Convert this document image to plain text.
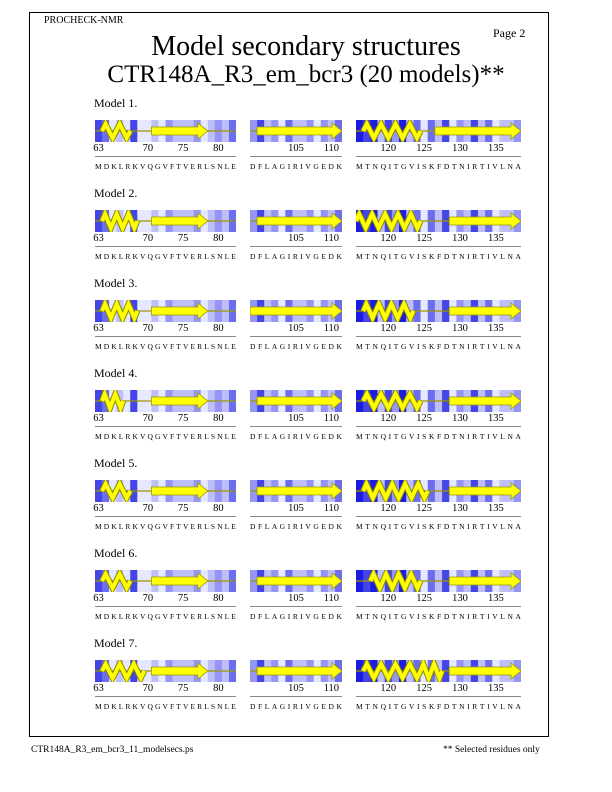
PROCHECK-NMR
Page 2
Model secondary structures
CTR148A_R3_em_bcr3 (20 models)**
Model 1.
63	70 75 80	105 110	120 125 130 135
M D K L R K V Q G V F T V E R L S N L E D F L A G I R I V G E D K M T N Q I T G V I S K F D T N I R T I V L N A
Model 2.
63	70 75 80	105 110	120 125 130 135
M D K L R K V Q G V F T V E R L S N L E D F L A G I R I V G E D K M T N Q I T G V I S K F D T N I R T I V L N A
Model 3.
63	70 75 80	105 110	120 125 130 135
M D K L R K V Q G V F T V E R L S N L E D F L A G I R I V G E D K M T N Q I T G V I S K F D T N I R T I V L N A
Model 4.
63	70 75 80	105 110	120 125 130 135
M D K L R K V Q G V F T V E R L S N L E D F L A G I R I V G E D K M T N Q I T G V I S K F D T N I R T I V L N A
Model 5.
63	70 75 80	105 110	120 125 130 135
M D K L R K V Q G V F T V E R L S N L E D F L A G I R I V G E D K M T N Q I T G V I S K F D T N I R T I V L N A
Model 6.
63	70 75 80	105 110	120 125 130 135
M D K L R K V Q G V F T V E R L S N L E D F L A G I R I V G E D K M T N Q I T G V I S K F D T N I R T I V L N A
Model 7.
63	70 75 80	105 110	120 125 130 135
M D K L R K V Q G V F T V E R L S N L E D F L A G I R I V G E D K M T N Q I T G V I S K F D T N I R T I V L N A
CTR148A_R3_em_bcr3_11_modelsecs.ps	** Selected residues only
